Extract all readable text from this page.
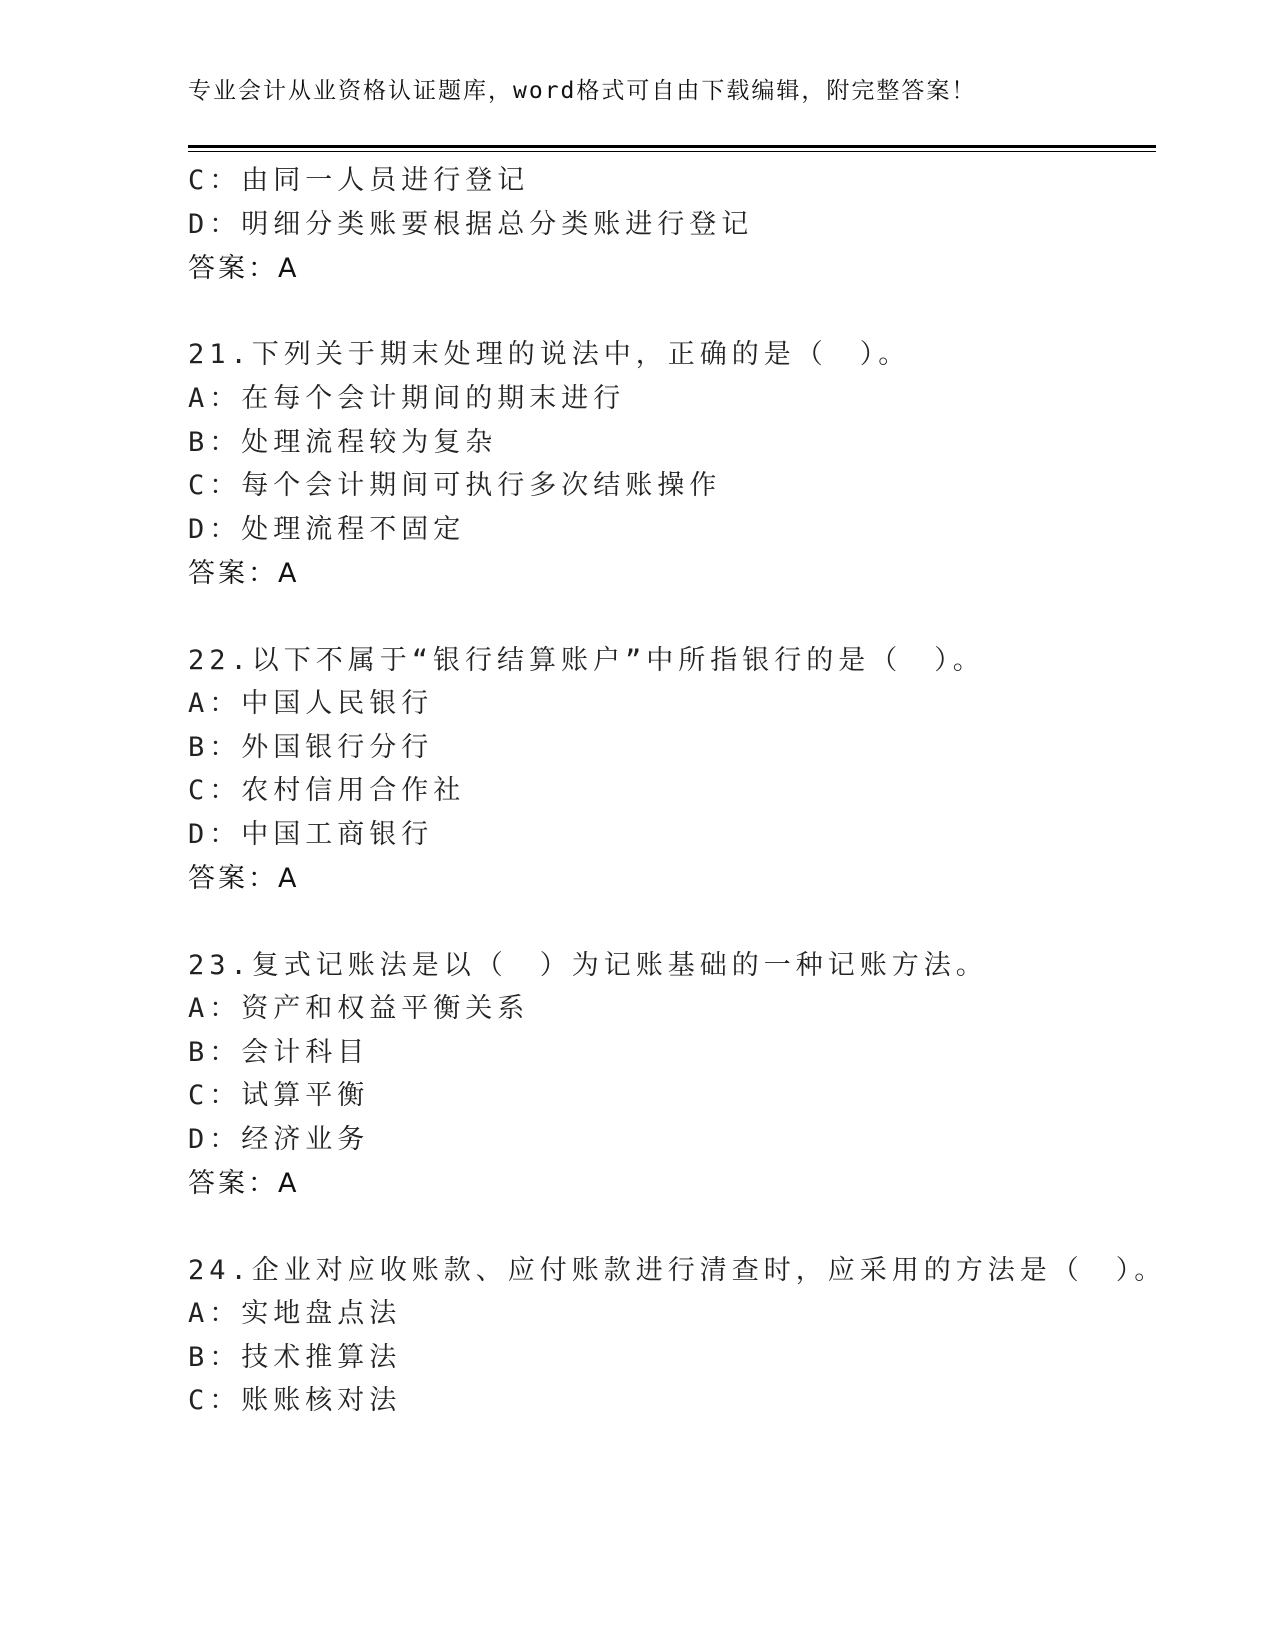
专业会计从业资格认证题库，word格式可自由下载编辑，附完整答案！
C：由同一人员进行登记
D：明细分类账要根据总分类账进行登记
答案：A
21.下列关于期末处理的说法中，正确的是（　）。
A：在每个会计期间的期末进行
B：处理流程较为复杂
C：每个会计期间可执行多次结账操作
D：处理流程不固定
答案：A
22.以下不属于“银行结算账户”中所指银行的是（　）。
A：中国人民银行
B：外国银行分行
C：农村信用合作社
D：中国工商银行
答案：A
23.复式记账法是以（　）为记账基础的一种记账方法。
A：资产和权益平衡关系
B：会计科目
C：试算平衡
D：经济业务
答案：A
24.企业对应收账款、应付账款进行清查时，应采用的方法是（　）。
A：实地盘点法
B：技术推算法
C：账账核对法
